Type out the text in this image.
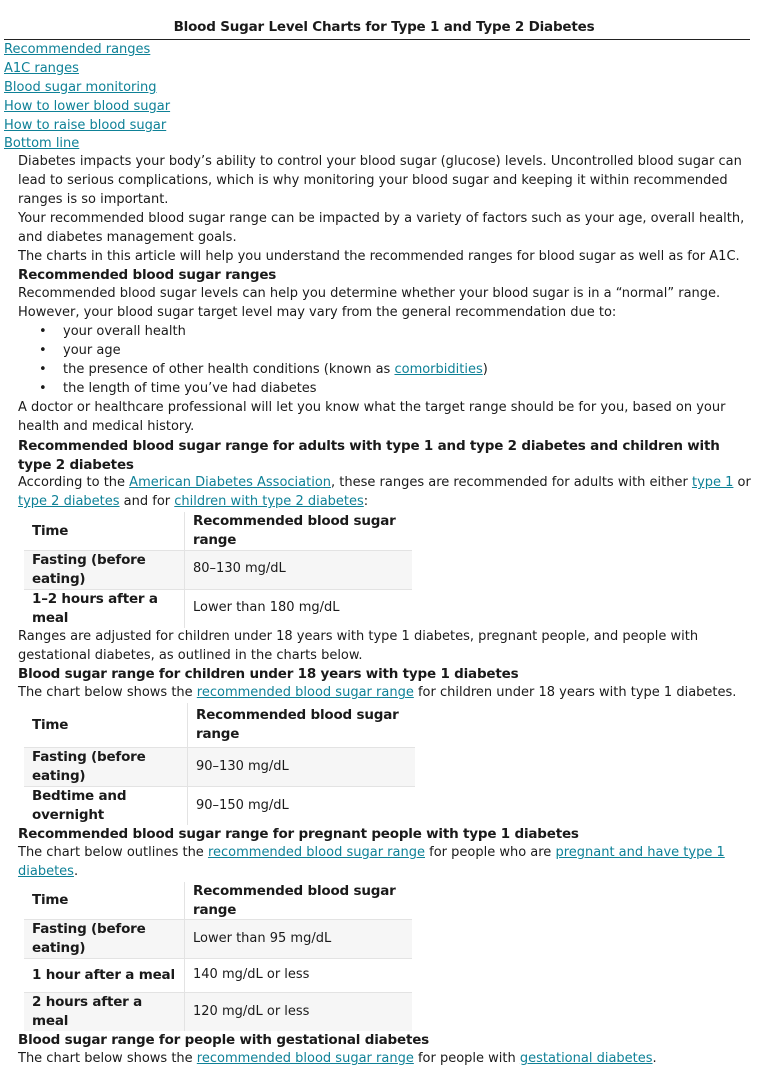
Blood Sugar Level Charts for Type 1 and Type 2 Diabetes
Recommended ranges
A1C ranges
Blood sugar monitoring
How to lower blood sugar
How to raise blood sugar
Bottom line

Diabetes impacts your body’s ability to control your blood sugar (glucose) levels. Uncontrolled blood sugar can lead to serious complications, which is why monitoring your blood sugar and keeping it within recommended ranges is so important.

Your recommended blood sugar range can be impacted by a variety of factors such as your age, overall health, and diabetes management goals.

The charts in this article will help you understand the recommended ranges for blood sugar as well as for A1C.

Recommended blood sugar ranges

Recommended blood sugar levels can help you determine whether your blood sugar is in a “normal” range.

However, your blood sugar target level may vary from the general recommendation due to:

• your overall health
• your age
• the presence of other health conditions (known as comorbidities)
• the length of time you’ve had diabetes

A doctor or healthcare professional will let you know what the target range should be for you, based on your health and medical history.

Recommended blood sugar range for adults with type 1 and type 2 diabetes and children with type 2 diabetes

According to the American Diabetes Association, these ranges are recommended for adults with either type 1 or type 2 diabetes and for children with type 2 diabetes:

Time	Recommended blood sugar range
Fasting (before eating)	80–130 mg/dL
1–2 hours after a meal	Lower than 180 mg/dL

Ranges are adjusted for children under 18 years with type 1 diabetes, pregnant people, and people with gestational diabetes, as outlined in the charts below.

Blood sugar range for children under 18 years with type 1 diabetes

The chart below shows the recommended blood sugar range for children under 18 years with type 1 diabetes.

Time	Recommended blood sugar range
Fasting (before eating)	90–130 mg/dL
Bedtime and overnight	90–150 mg/dL
Recommended blood sugar range for pregnant people with type 1 diabetes

The chart below outlines the recommended blood sugar range for people who are pregnant and have type 1 diabetes.

Time	Recommended blood sugar range
Fasting (before eating)	Lower than 95 mg/dL
1 hour after a meal	140 mg/dL or less
2 hours after a meal	120 mg/dL or less
Blood sugar range for people with gestational diabetes

The chart below shows the recommended blood sugar range for people with gestational diabetes.
